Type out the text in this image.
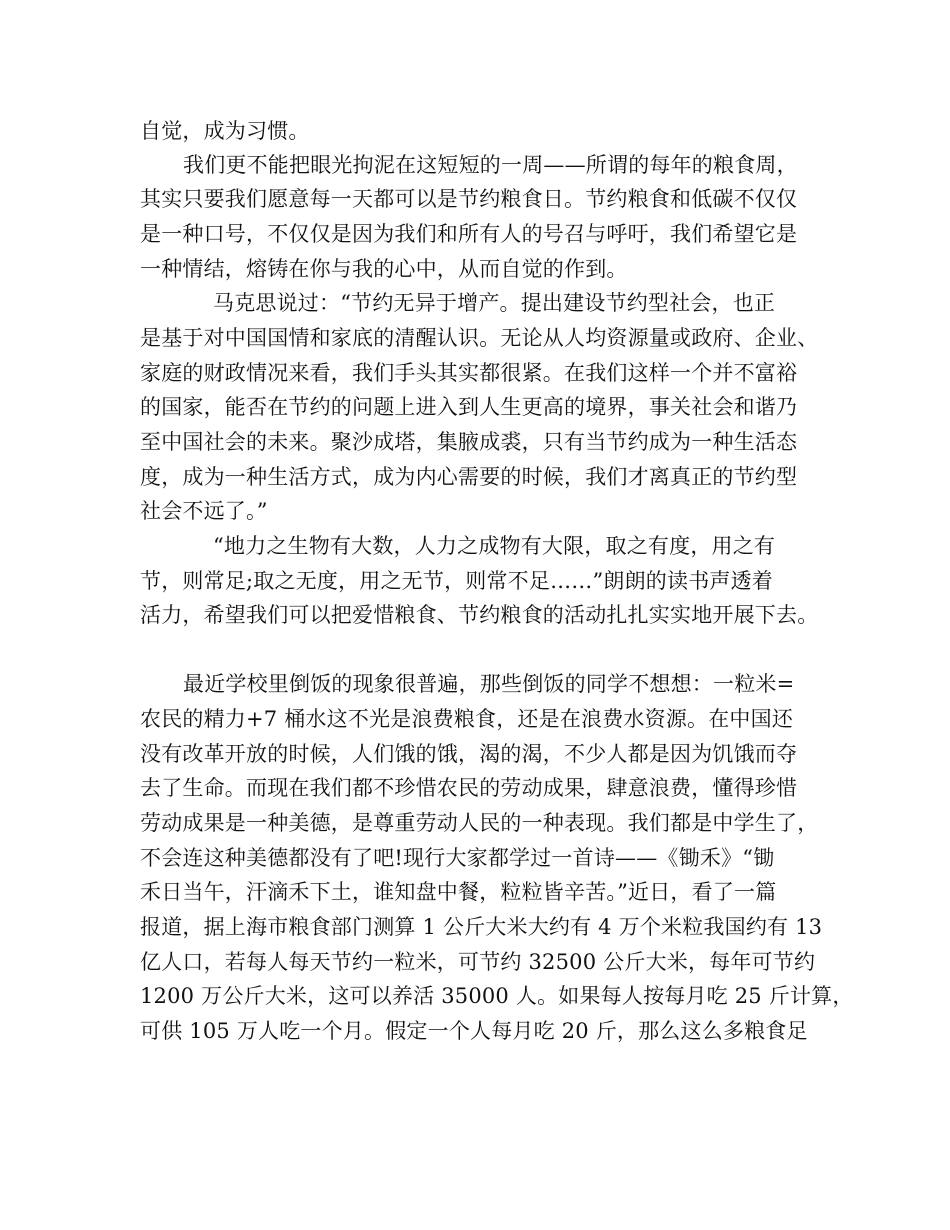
自觉，成为习惯。
我们更不能把眼光拘泥在这短短的一周——所谓的每年的粮食周，
其实只要我们愿意每一天都可以是节约粮食日。节约粮食和低碳不仅仅
是一种口号，不仅仅是因为我们和所有人的号召与呼吁，我们希望它是
一种情结，熔铸在你与我的心中，从而自觉的作到。
马克思说过：“节约无异于增产。提出建设节约型社会，也正
是基于对中国国情和家底的清醒认识。无论从人均资源量或政府、企业、
家庭的财政情况来看，我们手头其实都很紧。在我们这样一个并不富裕
的国家，能否在节约的问题上进入到人生更高的境界，事关社会和谐乃
至中国社会的未来。聚沙成塔，集腋成裘，只有当节约成为一种生活态
度，成为一种生活方式，成为内心需要的时候，我们才离真正的节约型
社会不远了。”
“地力之生物有大数，人力之成物有大限，取之有度，用之有
节，则常足;取之无度，用之无节，则常不足……”朗朗的读书声透着
活力，希望我们可以把爱惜粮食、节约粮食的活动扎扎实实地开展下去。
最近学校里倒饭的现象很普遍，那些倒饭的同学不想想：一粒米=
农民的精力+7 桶水这不光是浪费粮食，还是在浪费水资源。在中国还
没有改革开放的时候，人们饿的饿，渴的渴，不少人都是因为饥饿而夺
去了生命。而现在我们都不珍惜农民的劳动成果，肆意浪费，懂得珍惜
劳动成果是一种美德，是尊重劳动人民的一种表现。我们都是中学生了，
不会连这种美德都没有了吧!现行大家都学过一首诗——《锄禾》“锄
禾日当午，汗滴禾下土，谁知盘中餐，粒粒皆辛苦。”近日，看了一篇
报道，据上海市粮食部门测算 1 公斤大米大约有 4 万个米粒我国约有 13
亿人口，若每人每天节约一粒米，可节约 32500 公斤大米，每年可节约
1200 万公斤大米，这可以养活 35000 人。如果每人按每月吃 25 斤计算，
可供 105 万人吃一个月。假定一个人每月吃 20 斤，那么这么多粮食足
